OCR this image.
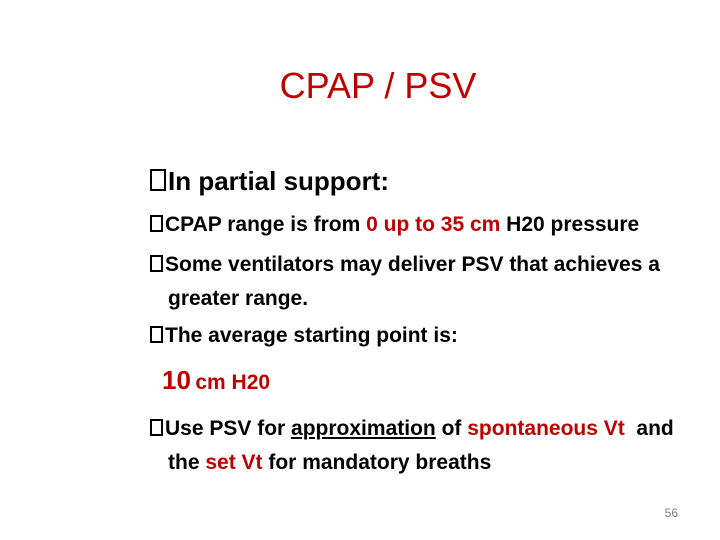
CPAP / PSV
In partial support:
CPAP range is from 0 up to 35 cm H20 pressure
Some ventilators may deliver PSV that achieves a
greater range.
The average starting point is:
10 cm H20
Use PSV for approximation of spontaneous Vt  and
the set Vt for mandatory breaths
56
